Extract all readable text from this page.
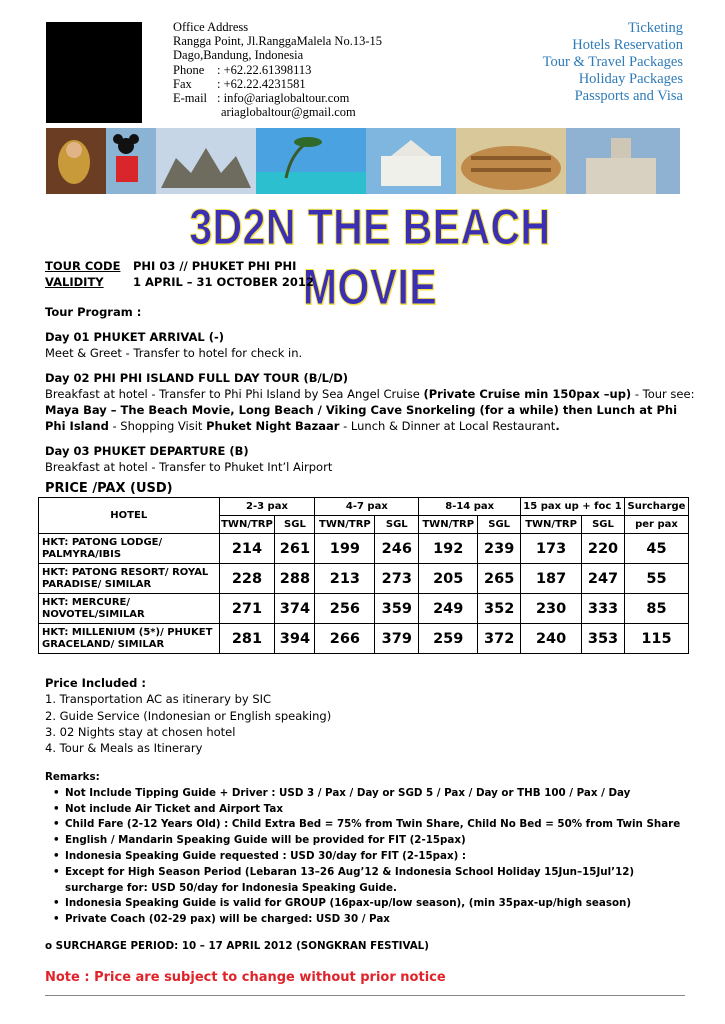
Office Address
Rangga Point, Jl.RanggaMalela No.13-15
Dago,Bandung, Indonesia
Phone : +62.22.61398113
Fax : +62.22.4231581
E-mail : info@ariaglobaltour.com
ariaglobaltour@gmail.com
Ticketing
Hotels Reservation
Tour & Travel Packages
Holiday Packages
Passports and Visa
3D2N THE BEACH MOVIE
TOUR CODE PHI 03 // PHUKET PHI PHI
VALIDITY	1 APRIL – 31 OCTOBER 2012

Tour Program :

Day 01 PHUKET ARRIVAL (-)

Meet & Greet - Transfer to hotel for check in.

Day 02 PHI PHI ISLAND FULL DAY TOUR (B/L/D)

Breakfast at hotel - Transfer to Phi Phi Island by Sea Angel Cruise (Private Cruise min 150pax –up) - Tour see: Maya Bay – The Beach Movie, Long Beach / Viking Cave Snorkeling (for a while) then Lunch at Phi Phi Island - Shopping Visit Phuket Night Bazaar - Lunch & Dinner at Local Restaurant.

Day 03 PHUKET DEPARTURE (B)

Breakfast at hotel - Transfer to Phuket Int’l Airport

PRICE /PAX (USD)
HOTEL	2-3 pax		4-7 pax		8-14 pax		15 pax up + foc 1		Surcharge
	TWN/TRP	SGL	TWN/TRP	SGL	TWN/TRP	SGL	TWN/TRP	SGL	per pax

HKT: PATONG LODGE/
PALMYRA/IBIS	214	261	199	246	192	239	173	220	45

HKT: PATONG RESORT/ ROYAL
PARADISE/ SIMILAR	228	288	213	273	205	265	187	247	55

HKT: MERCURE/
NOVOTEL/SIMILAR	271	374	256	359	249	352	230	333	85

HKT: MILLENIUM (5*)/ PHUKET
GRACELAND/ SIMILAR	281	394	266	379	259	372	240	353	115
Price Included :
1. Transportation AC as itinerary by SIC
2. Guide Service (Indonesian or English speaking)
3. 02 Nights stay at chosen hotel
4. Tour & Meals as Itinerary
Remarks:
• Not Include Tipping Guide + Driver : USD 3 / Pax / Day or SGD 5 / Pax / Day or THB 100 / Pax / Day
• Not include Air Ticket and Airport Tax
• Child Fare (2-12 Years Old) : Child Extra Bed = 75% from Twin Share, Child No Bed = 50% from Twin Share
• English / Mandarin Speaking Guide will be provided for FIT (2-15pax)
• Indonesia Speaking Guide requested : USD 30/day for FIT (2-15pax) :
• Except for High Season Period (Lebaran 13–26 Aug’12 & Indonesia School Holiday 15Jun–15Jul’12) surcharge for: USD 50/day for Indonesia Speaking Guide.
• Indonesia Speaking Guide is valid for GROUP (16pax-up/low season), (min 35pax-up/high season)
• Private Coach (02-29 pax) will be charged: USD 30 / Pax
o SURCHARGE PERIOD: 10 – 17 APRIL 2012 (SONGKRAN FESTIVAL)
Note : Price are subject to change without prior notice
